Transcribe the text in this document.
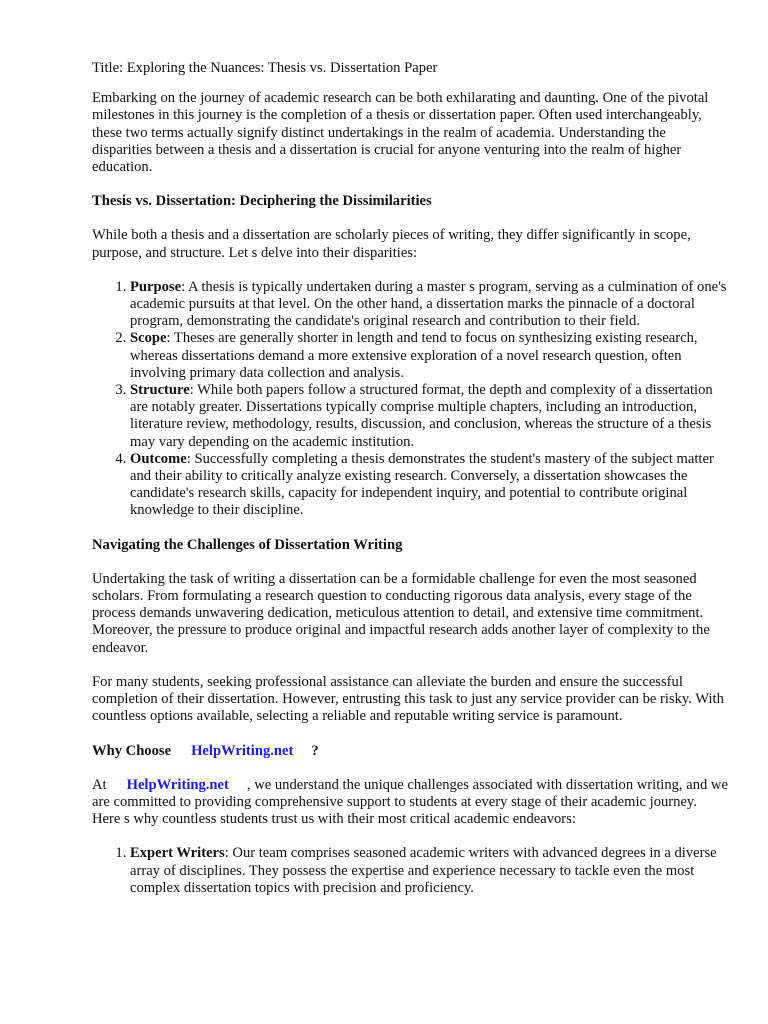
Title: Exploring the Nuances: Thesis vs. Dissertation Paper

Embarking on the journey of academic research can be both exhilarating and daunting. One of the pivotal milestones in this journey is the completion of a thesis or dissertation paper. Often used interchangeably, these two terms actually signify distinct undertakings in the realm of academia. Understanding the disparities between a thesis and a dissertation is crucial for anyone venturing into the realm of higher education.

Thesis vs. Dissertation: Deciphering the Dissimilarities

While both a thesis and a dissertation are scholarly pieces of writing, they differ significantly in scope, purpose, and structure. Let s delve into their disparities:

1. Purpose: A thesis is typically undertaken during a master s program, serving as a culmination of one's academic pursuits at that level. On the other hand, a dissertation marks the pinnacle of a doctoral program, demonstrating the candidate's original research and contribution to their field.
2. Scope: Theses are generally shorter in length and tend to focus on synthesizing existing research, whereas dissertations demand a more extensive exploration of a novel research question, often involving primary data collection and analysis.
3. Structure: While both papers follow a structured format, the depth and complexity of a dissertation are notably greater. Dissertations typically comprise multiple chapters, including an introduction, literature review, methodology, results, discussion, and conclusion, whereas the structure of a thesis may vary depending on the academic institution.
4. Outcome: Successfully completing a thesis demonstrates the student's mastery of the subject matter and their ability to critically analyze existing research. Conversely, a dissertation showcases the candidate's research skills, capacity for independent inquiry, and potential to contribute original knowledge to their discipline.

Navigating the Challenges of Dissertation Writing

Undertaking the task of writing a dissertation can be a formidable challenge for even the most seasoned scholars. From formulating a research question to conducting rigorous data analysis, every stage of the process demands unwavering dedication, meticulous attention to detail, and extensive time commitment. Moreover, the pressure to produce original and impactful research adds another layer of complexity to the endeavor.

For many students, seeking professional assistance can alleviate the burden and ensure the successful completion of their dissertation. However, entrusting this task to just any service provider can be risky. With countless options available, selecting a reliable and reputable writing service is paramount.

Why Choose HelpWriting.net ?

At HelpWriting.net , we understand the unique challenges associated with dissertation writing, and we are committed to providing comprehensive support to students at every stage of their academic journey. Here s why countless students trust us with their most critical academic endeavors:

1. Expert Writers: Our team comprises seasoned academic writers with advanced degrees in a diverse array of disciplines. They possess the expertise and experience necessary to tackle even the most complex dissertation topics with precision and proficiency.
